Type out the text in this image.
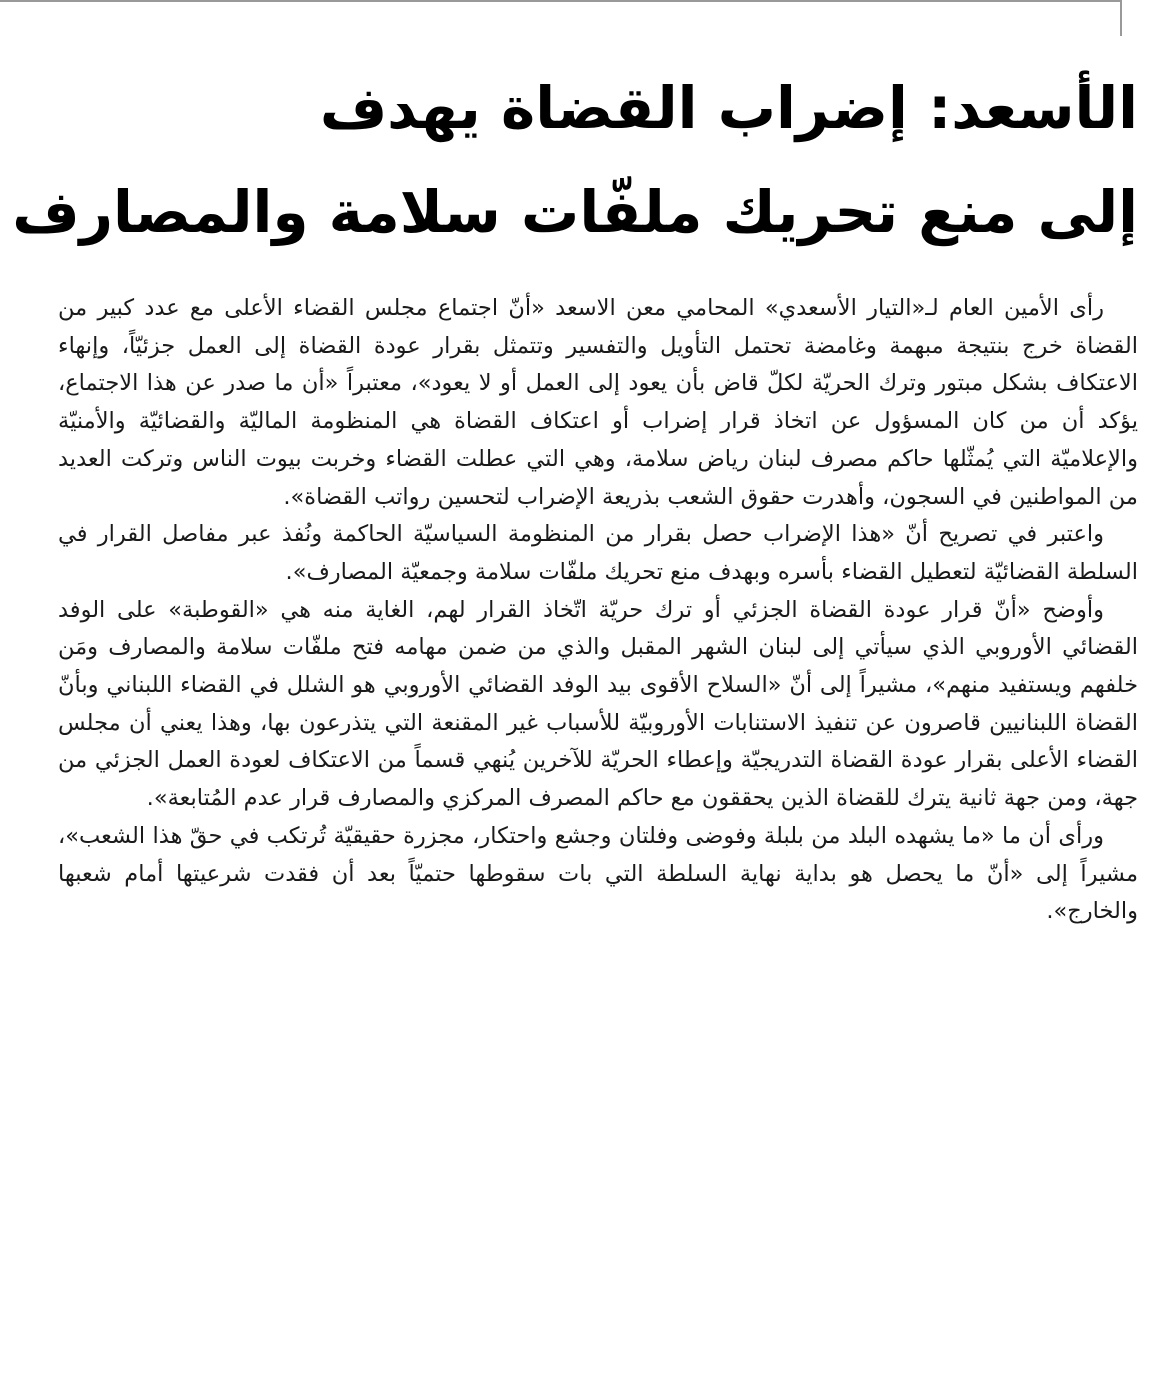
الأسعد: إضراب القضاة يهدف
إلى منع تحريك ملفّات سلامة والمصارف

رأى الأمين العام لـ«التيار الأسعدي» المحامي معن الاسعد «أنّ اجتماع مجلس القضاء الأعلى مع عدد كبير من القضاة خرج بنتيجة مبهمة وغامضة تحتمل التأويل والتفسير وتتمثل بقرار عودة القضاة إلى العمل جزئيّاً، وإنهاء الاعتكاف بشكل مبتور وترك الحريّة لكلّ قاض بأن يعود إلى العمل أو لا يعود»، معتبراً «أن ما صدر عن هذا الاجتماع، يؤكد أن من كان المسؤول عن اتخاذ قرار إضراب أو اعتكاف القضاة هي المنظومة الماليّة والقضائيّة والأمنيّة والإعلاميّة التي يُمثّلها حاكم مصرف لبنان رياض سلامة، وهي التي عطلت القضاء وخربت بيوت الناس وتركت العديد من المواطنين في السجون، وأهدرت حقوق الشعب بذريعة الإضراب لتحسين رواتب القضاة».

واعتبر في تصريح أنّ «هذا الإضراب حصل بقرار من المنظومة السياسيّة الحاكمة ونُفذ عبر مفاصل القرار في السلطة القضائيّة لتعطيل القضاء بأسره وبهدف منع تحريك ملفّات سلامة وجمعيّة المصارف».

وأوضح «أنّ قرار عودة القضاة الجزئي أو ترك حريّة اتّخاذ القرار لهم، الغاية منه هي «القوطبة» على الوفد القضائي الأوروبي الذي سيأتي إلى لبنان الشهر المقبل والذي من ضمن مهامه فتح ملفّات سلامة والمصارف ومَن خلفهم ويستفيد منهم»، مشيراً إلى أنّ «السلاح الأقوى بيد الوفد القضائي الأوروبي هو الشلل في القضاء اللبناني وبأنّ القضاة اللبنانيين قاصرون عن تنفيذ الاستنابات الأوروبيّة للأسباب غير المقنعة التي يتذرعون بها، وهذا يعني أن مجلس القضاء الأعلى بقرار عودة القضاة التدريجيّة وإعطاء الحريّة للآخرين يُنهي قسماً من الاعتكاف لعودة العمل الجزئي من جهة، ومن جهة ثانية يترك للقضاة الذين يحققون مع حاكم المصرف المركزي والمصارف قرار عدم المُتابعة».

ورأى أن ما «ما يشهده البلد من بلبلة وفوضى وفلتان وجشع واحتكار، مجزرة حقيقيّة تُرتكب في حقّ هذا الشعب»، مشيراً إلى «أنّ ما يحصل هو بداية نهاية السلطة التي بات سقوطها حتميّاً بعد أن فقدت شرعيتها أمام شعبها والخارج».
